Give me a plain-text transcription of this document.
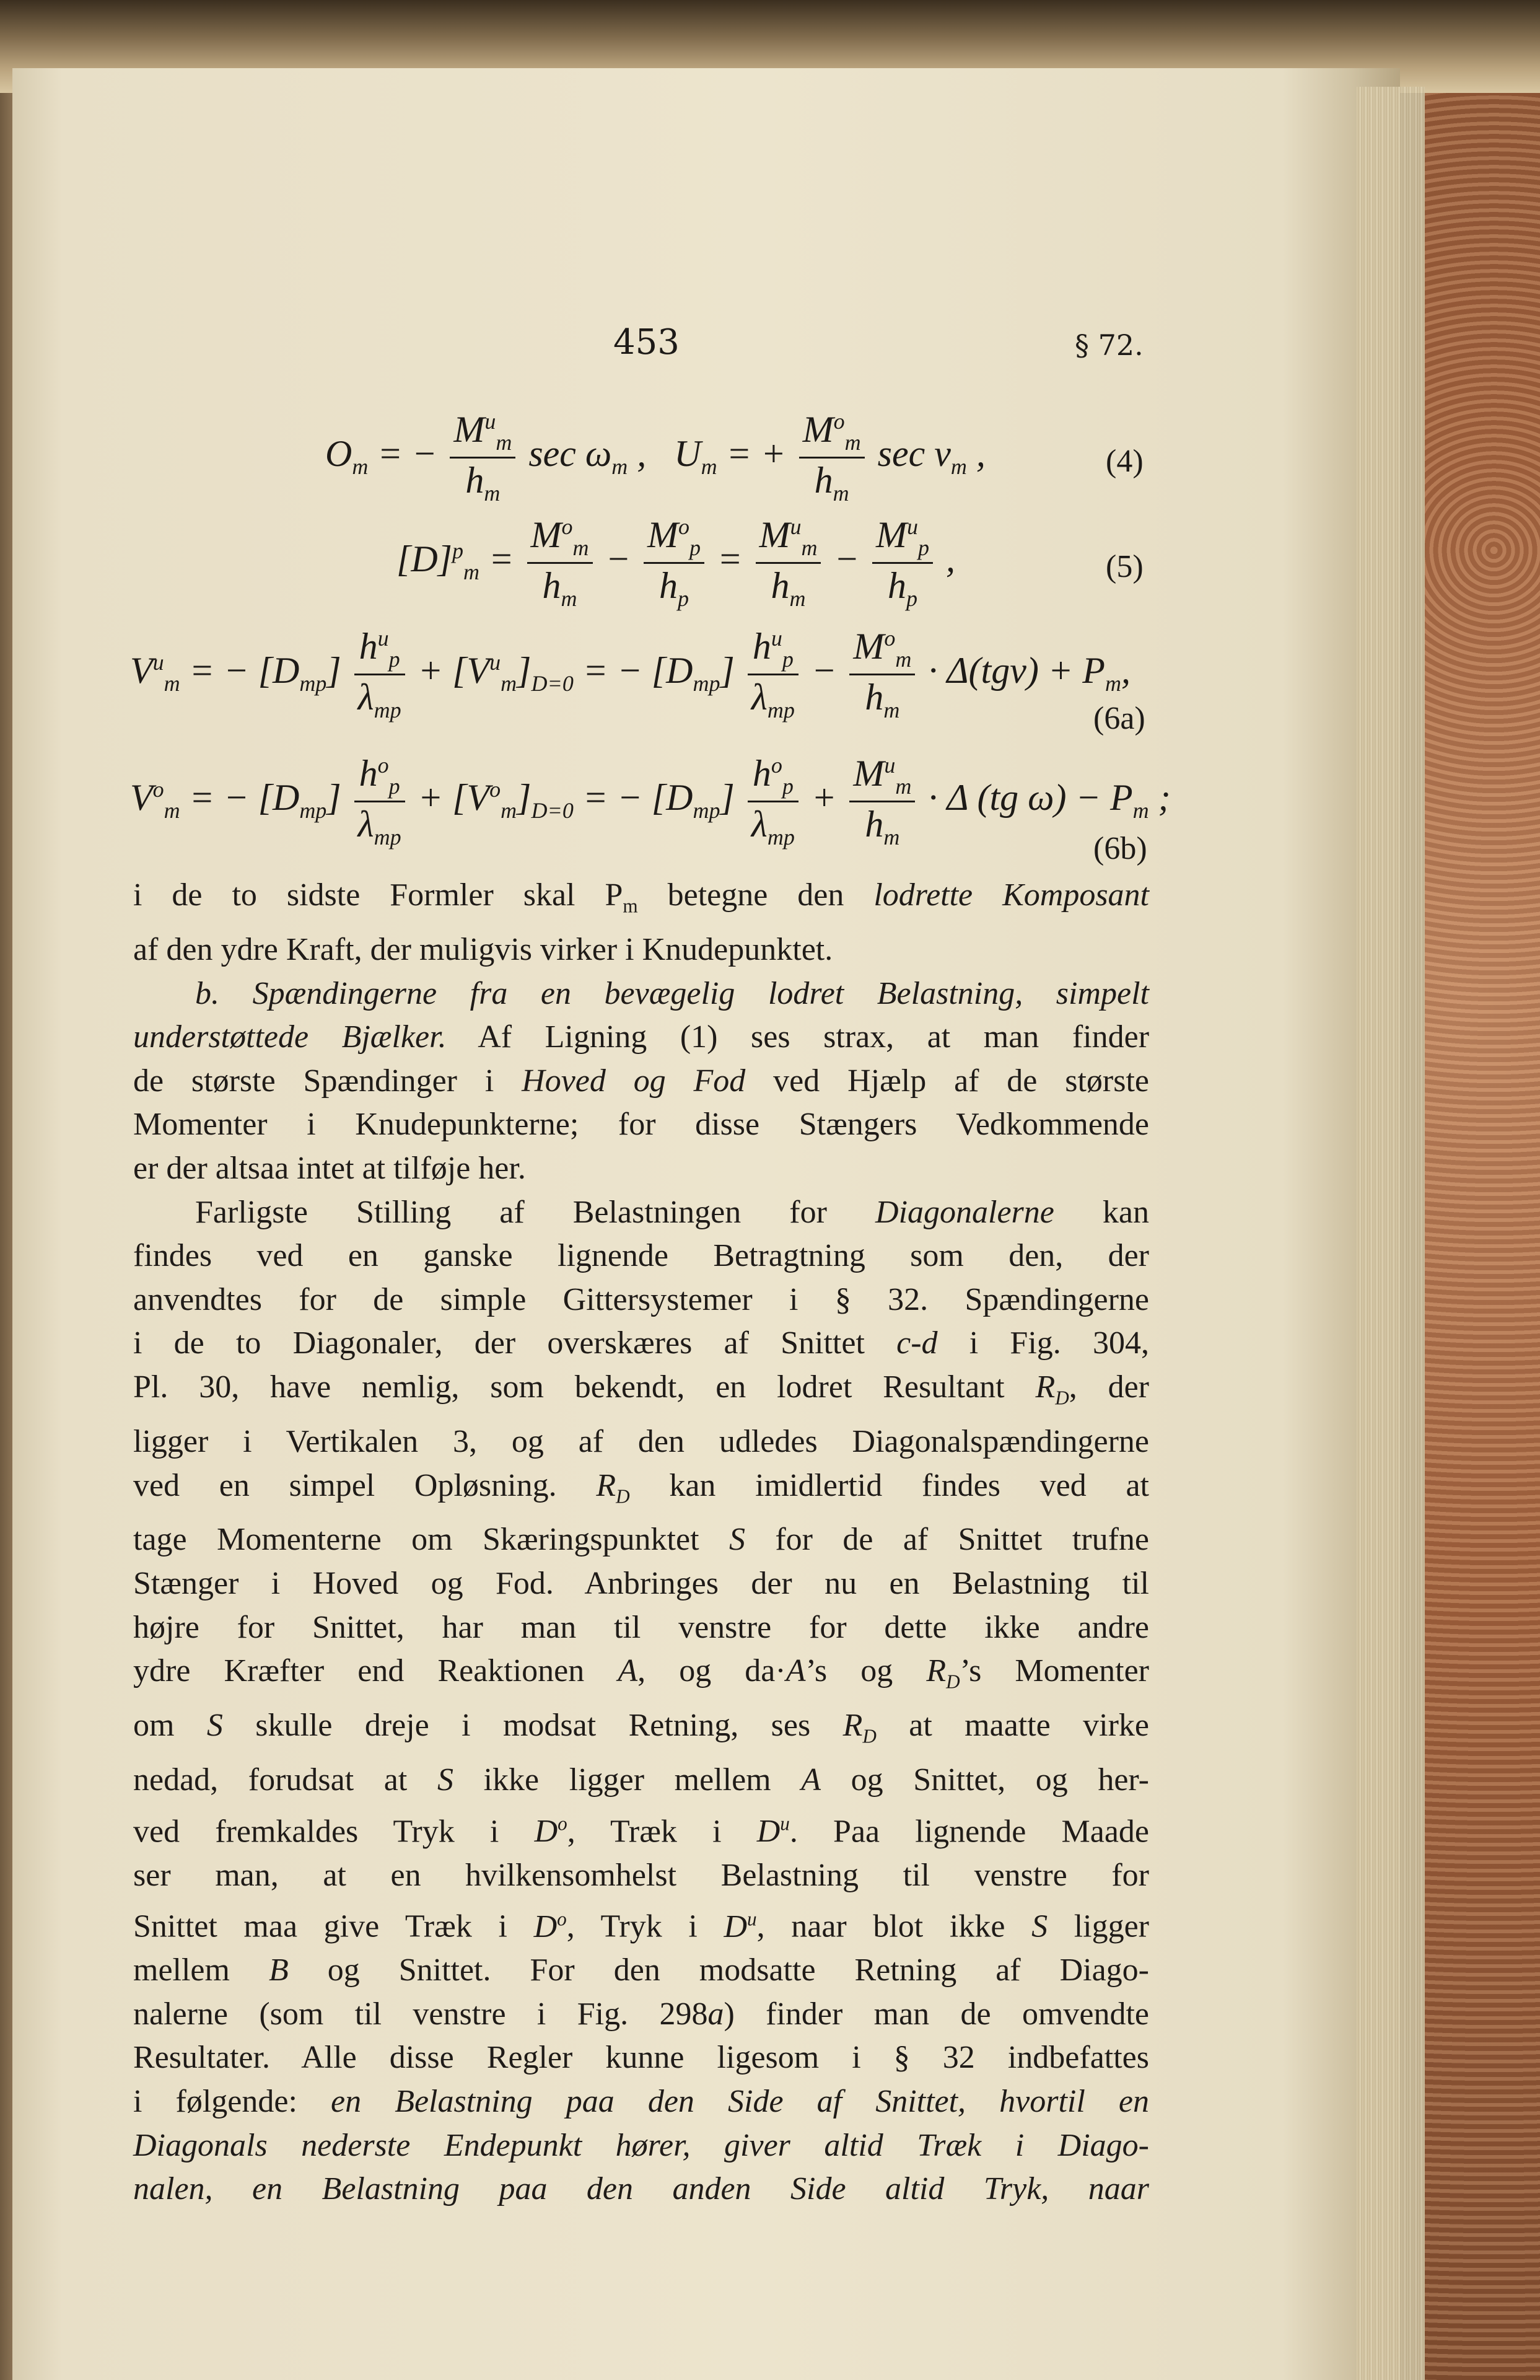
453	§ 72.
$O_m$ = − $\frac{M^u_m}{h_m}$ $\sec \omega_m$ ,   $U_m$ = + $\frac{M^o_m}{h_m}$ $\sec \nu_m$ ,	(4)
$[D]^p_m = \frac{M^o_m}{h_m} - \frac{M^o_p}{h_p} = \frac{M^u_m}{h_m} - \frac{M^u_p}{h_p}$ ,	(5)
$V^u_m$ = − $[D_{mp}] \frac{h^u_p}{\lambda_{mp}} + [V^u_m]_{D=0}$ = − $[D_{mp}] \frac{h^u_p}{\lambda_{mp}} - \frac{M^o_m}{h_m} \cdot \Delta(tg\nu) + P_m$,
(6a)
$V^o_m$ = − $[D_{mp}] \frac{h^o_p}{\lambda_{mp}} + [V^o_m]_{D=0}$ = − $[D_{mp}] \frac{h^o_p}{\lambda_{mp}} + \frac{M^u_m}{h_m} \cdot \Delta$ (tg $\omega) - P_m$ ;
(6b)
i de to sidste Formler skal $P_m$ betegne den lodrette Komposant
af den ydre Kraft, der muligvis virker i Knudepunktet.
b. Spændingerne fra en bevægelig lodret Belastning, simpelt
understøttede Bjælker. Af Ligning (1) ses strax, at man finder
de største Spændinger i Hoved og Fod ved Hjælp af de største
Momenter i Knudepunkterne; for disse Stængers Vedkommende
er der altsaa intet at tilføje her.
Farligste Stilling af Belastningen for Diagonalerne kan
findes ved en ganske lignende Betragtning som den, der
anvendtes for de simple Gittersystemer i § 32. Spændingerne
i de to Diagonaler, der overskæres af Snittet c-d i Fig. 304,
Pl. 30, have nemlig, som bekendt, en lodret Resultant $R_D$, der
ligger i Vertikalen 3, og af den udledes Diagonalspændingerne
ved en simpel Opløsning. $R_D$ kan imidlertid findes ved at
tage Momenterne om Skæringspunktet S for de af Snittet trufne
Stænger i Hoved og Fod. Anbringes der nu en Belastning til
højre for Snittet, har man til venstre for dette ikke andre
ydre Kræfter end Reaktionen A, og da·A’s og $R_D’s$ Momenter
om S skulle dreje i modsat Retning, ses $R_D$ at maatte virke
nedad, forudsat at S ikke ligger mellem A og Snittet, og her-
ved fremkaldes Tryk i $D^o$, Træk i $D^u$. Paa lignende Maade
ser man, at en hvilkensomhelst Belastning til venstre for
Snittet maa give Træk i $D^o$, Tryk i $D^u$, naar blot ikke S ligger
mellem B og Snittet. For den modsatte Retning af Diago-
nalerne (som til venstre i Fig. 298a) finder man de omvendte
Resultater. Alle disse Regler kunne ligesom i § 32 indbefattes
i følgende: en Belastning paa den Side af Snittet, hvortil en
Diagonals nederste Endepunkt hører, giver altid Træk i Diago-
nalen, en Belastning paa den anden Side altid Tryk, naar
